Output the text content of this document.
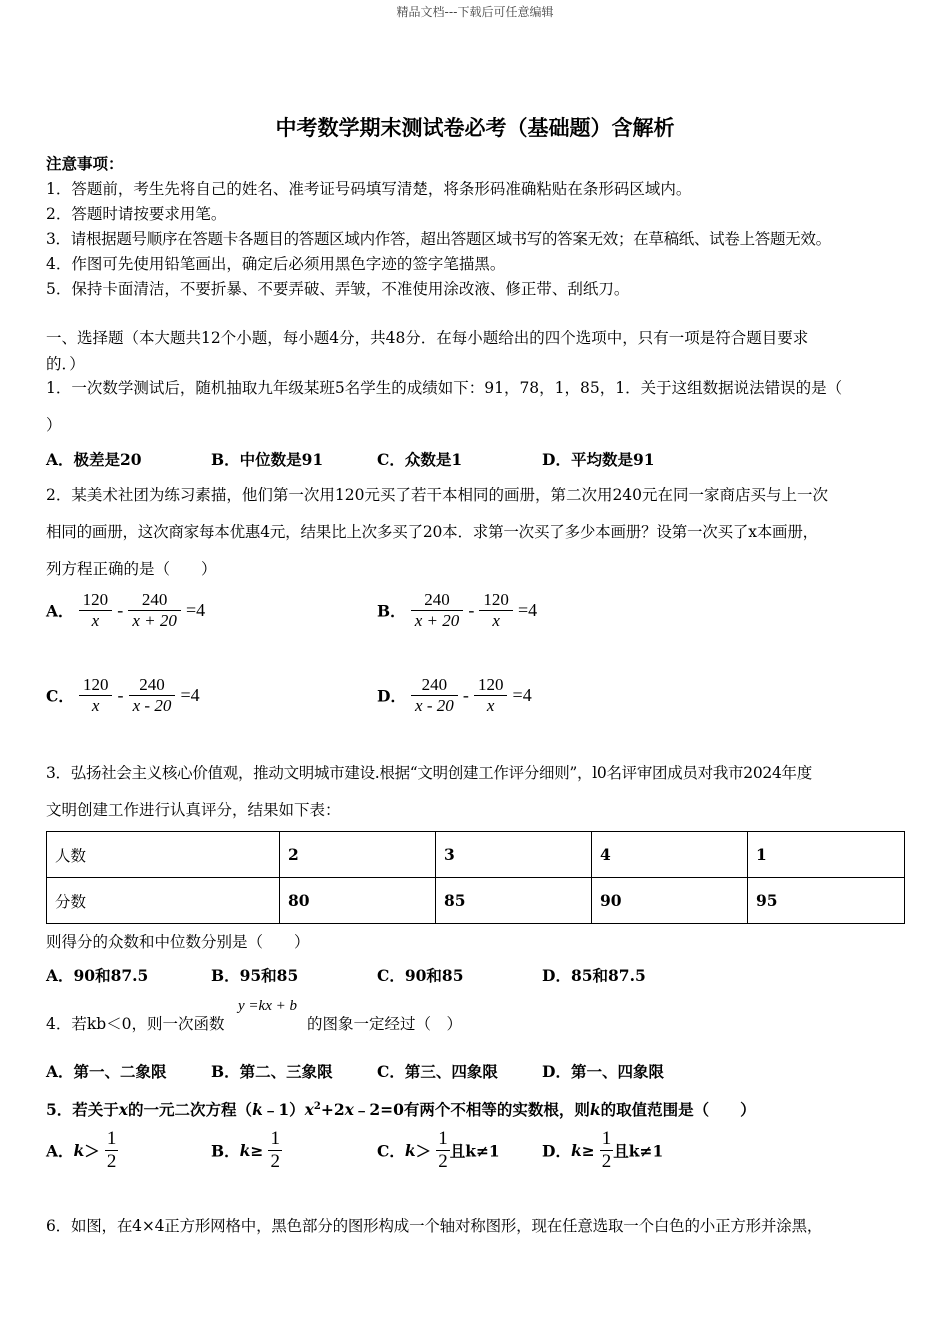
精品文档---下载后可任意编辑
中考数学期末测试卷必考（基础题）含解析
注意事项：
1．答题前，考生先将自己的姓名、准考证号码填写清楚，将条形码准确粘贴在条形码区域内。
2．答题时请按要求用笔。
3．请根据题号顺序在答题卡各题目的答题区域内作答，超出答题区域书写的答案无效；在草稿纸、试卷上答题无效。
4．作图可先使用铅笔画出，确定后必须用黑色字迹的签字笔描黑。
5．保持卡面清洁，不要折暴、不要弄破、弄皱，不准使用涂改液、修正带、刮纸刀。
一、选择题（本大题共12个小题，每小题4分，共48分．在每小题给出的四个选项中，只有一项是符合题目要求
的．）
1．一次数学测试后，随机抽取九年级某班5名学生的成绩如下：91，78，1，85，1．关于这组数据说法错误的是（
）
A．极差是20	B．中位数是91	C．众数是1	D．平均数是91
2．某美术社团为练习素描，他们第一次用120元买了若干本相同的画册，第二次用240元在同一家商店买与上一次
相同的画册，这次商家每本优惠4元，结果比上次多买了20本．求第一次买了多少本画册？设第一次买了x本画册，
列方程正确的是（　　）
A． $\frac{120}{x} - \frac{240}{x + 20} =4$	B． $\frac{240}{x + 20} - \frac{120}{x} =4$
C． $\frac{120}{x} - \frac{240}{x - 20} =4$	D． $\frac{240}{x - 20} - \frac{120}{x} =4$
3．弘扬社会主义核心价值观，推动文明城市建设.根据“文明创建工作评分细则”，l0名评审团成员对我市2024年度
文明创建工作进行认真评分，结果如下表：
人数	2	3	4	1
分数	80	85	90	95
则得分的众数和中位数分别是（　　）
A．90和87.5	B．95和85	C．90和85	D．85和87.5
4．若kb＜0，则一次函数
y =kx + b
的图象一定经过（　）
A．第一、二象限	B．第二、三象限	C．第三、四象限	D．第一、四象限
5．若关于x的一元二次方程$(k﹣1)x^2+2x﹣2=0$有两个不相等的实数根，则k的取值范围是（　　）
A．$k> \frac{1}{2}$	B．$k\ge \frac{1}{2}$	C．$k> \frac{1}{2}$ 且k≠1	D．$k\ge \frac{1}{2}$ 且k≠1
6．如图，在4×4正方形网格中，黑色部分的图形构成一个轴对称图形，现在任意选取一个白色的小正方形并涂黑，
